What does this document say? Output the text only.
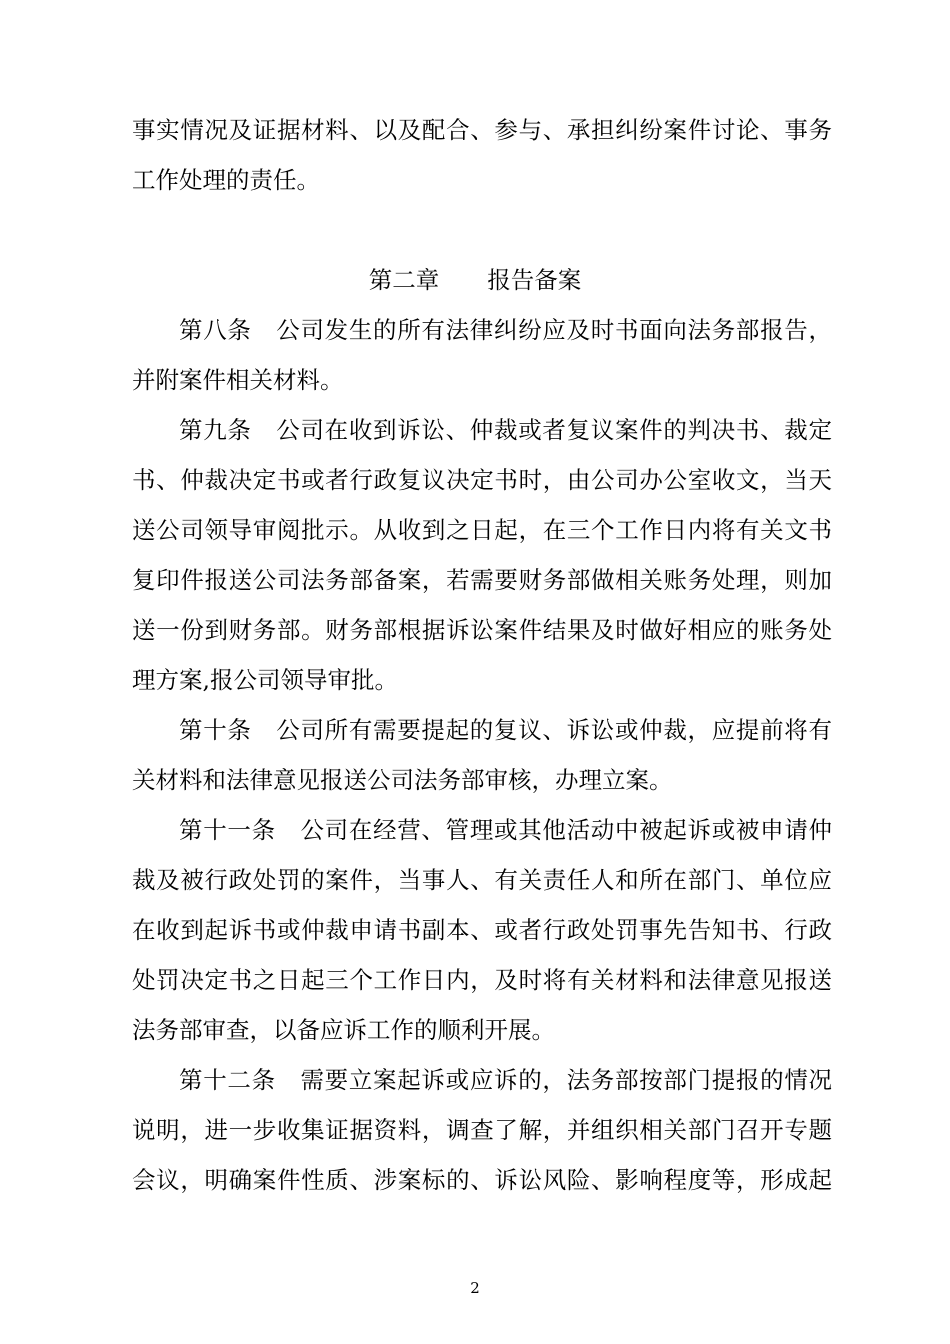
事实情况及证据材料、以及配合、参与、承担纠纷案件讨论、事务
工作处理的责任。
第二章 报告备案
第八条 公司发生的所有法律纠纷应及时书面向法务部报告，
并附案件相关材料。
第九条 公司在收到诉讼、仲裁或者复议案件的判决书、裁定
书、仲裁决定书或者行政复议决定书时，由公司办公室收文，当天
送公司领导审阅批示。从收到之日起，在三个工作日内将有关文书
复印件报送公司法务部备案，若需要财务部做相关账务处理，则加
送一份到财务部。财务部根据诉讼案件结果及时做好相应的账务处
理方案,报公司领导审批。
第十条 公司所有需要提起的复议、诉讼或仲裁，应提前将有
关材料和法律意见报送公司法务部审核，办理立案。
第十一条 公司在经营、管理或其他活动中被起诉或被申请仲
裁及被行政处罚的案件，当事人、有关责任人和所在部门、单位应
在收到起诉书或仲裁申请书副本、或者行政处罚事先告知书、行政
处罚决定书之日起三个工作日内，及时将有关材料和法律意见报送
法务部审查，以备应诉工作的顺利开展。
第十二条 需要立案起诉或应诉的，法务部按部门提报的情况
说明，进一步收集证据资料，调查了解，并组织相关部门召开专题
会议，明确案件性质、涉案标的、诉讼风险、影响程度等，形成起
2
